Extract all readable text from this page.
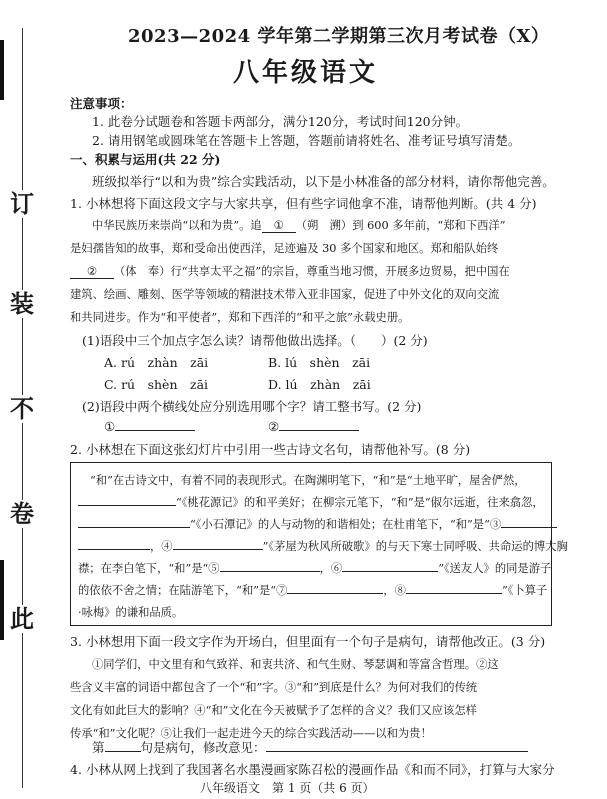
订
装
不
卷
此
2023—2024 学年第二学期第三次月考试卷（X）
八年级语文
注意事项：
1. 此卷分试题卷和答题卡两部分，满分120分，考试时间120分钟。
2. 请用钢笔或圆珠笔在答题卡上答题，答题前请将姓名、准考证号填写清楚。
一、积累与运用(共 22 分)
班级拟举行“以和为贵”综合实践活动，以下是小林准备的部分材料，请你帮他完善。
1. 小林想将下面这段文字与大家共享，但有些字词他拿不准，请帮他判断。(共 4 分)
中华民族历来崇尚“以和为贵”。追 ① （朔　溯）到 600 多年前，“郑和下西洋”
是妇孺皆知的故事，郑和受命出使西洋，足迹遍及 30 多个国家和地区。郑和船队始终
② （体　奉）行“共享太平之福”的宗旨，尊重当地习惯，开展多边贸易，把中国在
建筑、绘画、雕刻、医学等领域的精湛技术带入亚非国家，促进了中外文化的双向交流
和共同进步。作为“和平使者”，郑和下西洋的“和平之旅”永载史册。
(1)语段中三个加点字怎么读？请帮他做出选择。（　　）(2 分)
A. rú　zhàn　zāi	B. lú　shèn　zāi
C. rú　shèn　zāi	D. lú　zhàn　zāi
(2)语段中两个横线处应分别选用哪个字？请工整书写。(2 分)
①	②
2. 小林想在下面这张幻灯片中引用一些古诗文名句，请帮他补写。(8 分)
“和”在古诗文中，有着不同的表现形式。在陶渊明笔下，“和”是“土地平旷，屋舍俨然，
“《桃花源记》的和平美好；在柳宗元笔下，“和”是“俶尔远逝，往来翕忽，
“《小石潭记》的人与动物的和谐相处；在杜甫笔下，“和”是“③
，④	”《茅屋为秋风所破歌》的与天下寒士同呼吸、共命运的博大胸
襟；在李白笔下，“和”是“⑤	，⑥	”《送友人》的同是游子
的依依不舍之情；在陆游笔下，“和”是“⑦	，⑧	”《卜算子
·咏梅》的谦和品质。
3. 小林想用下面一段文字作为开场白，但里面有一个句子是病句，请帮他改正。(3 分)
①同学们，中文里有和气致祥、和衷共济、和气生财、琴瑟调和等富含哲理。②这
些含义丰富的词语中都包含了一个“和”字。③“和”到底是什么？为何对我们的传统
文化有如此巨大的影响？④“和”文化在今天被赋予了怎样的含义？我们又应该怎样
传承“和”文化呢？⑤让我们一起走进今天的综合实践活动——以和为贵！
第	句是病句，修改意见：
4. 小林从网上找到了我国著名水墨漫画家陈召松的漫画作品《和而不同》，打算与大家分
八年级语文　第 1 页（共 6 页）
